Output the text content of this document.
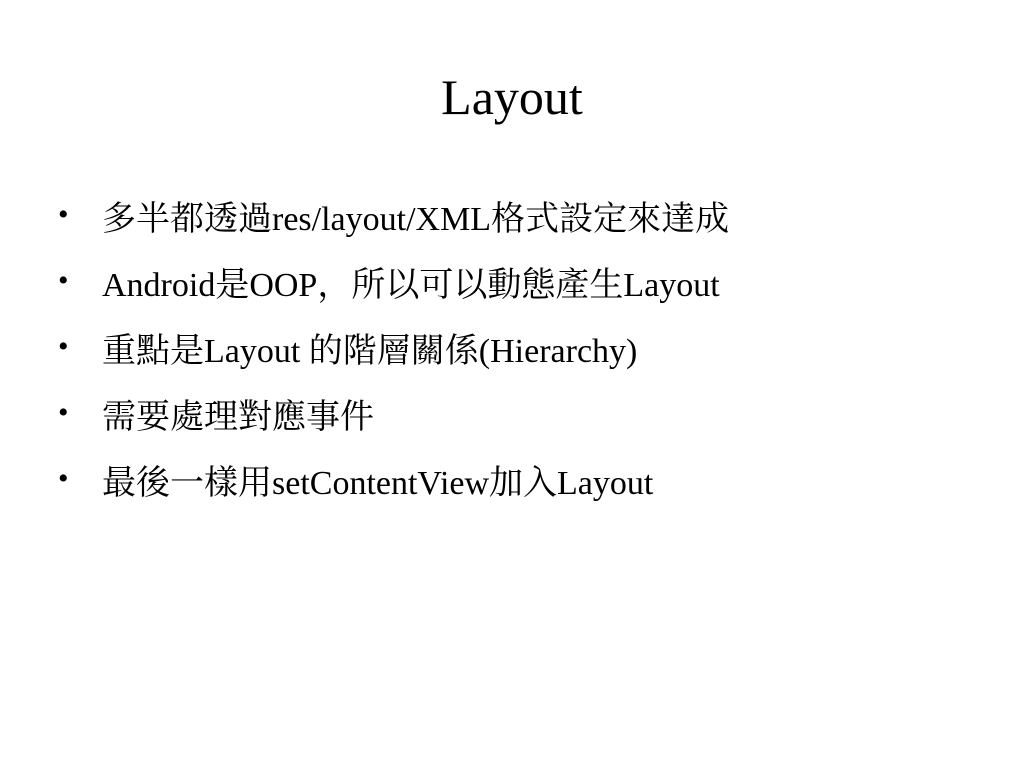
Layout
• 多半都透過res/layout/XML格式設定來達成
• Android是OOP，所以可以動態產生Layout
• 重點是Layout 的階層關係(Hierarchy)
• 需要處理對應事件
• 最後一樣用setContentView加入Layout
